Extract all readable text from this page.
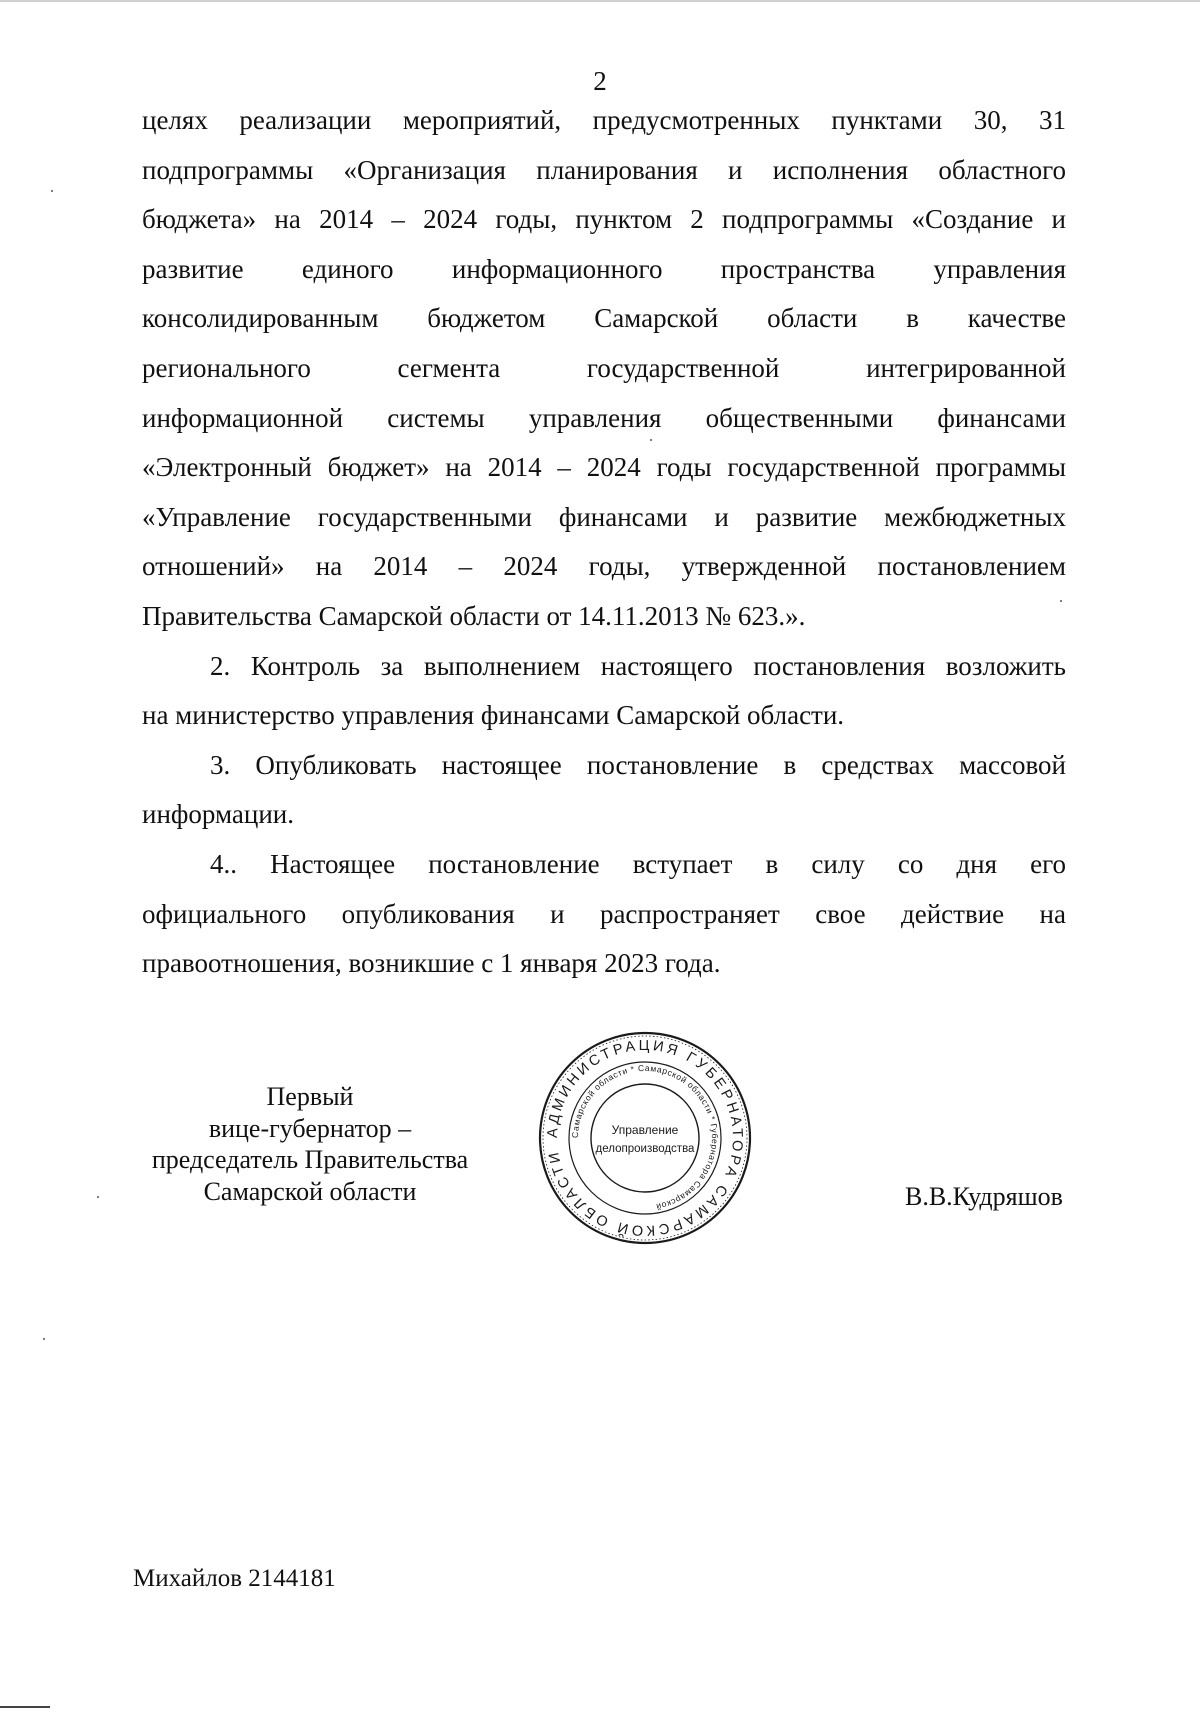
2

целях реализации мероприятий, предусмотренных пунктами 30, 31

подпрограммы «Организация планирования и исполнения областного

бюджета» на 2014 – 2024 годы, пунктом 2 подпрограммы «Создание и

развитие единого информационного пространства управления

консолидированным бюджетом Самарской области в качестве

регионального сегмента государственной интегрированной

информационной системы управления общественными финансами

«Электронный бюджет» на 2014 – 2024 годы государственной программы

«Управление государственными финансами и развитие межбюджетных

отношений» на 2014 – 2024 годы, утвержденной постановлением

Правительства Самарской области от 14.11.2013 № 623.».

2. Контроль за выполнением настоящего постановления возложить

на министерство управления финансами Самарской области.

3. Опубликовать настоящее постановление в средствах массовой

информации.

4.. Настоящее постановление вступает в силу со дня его

официального опубликования и распространяет свое действие на

правоотношения, возникшие с 1 января 2023 года.

Первый
вице-губернатор –
председатель Правительства
Самарской области
АДМИНИСТРАЦИЯ ГУБЕРНАТОРА САМАРСКОЙ ОБЛАСТИ
Самарской области * Самарской области * Губернатора Самарской
Управление
делопроизводства
В.В.Кудряшов
Михайлов 2144181
